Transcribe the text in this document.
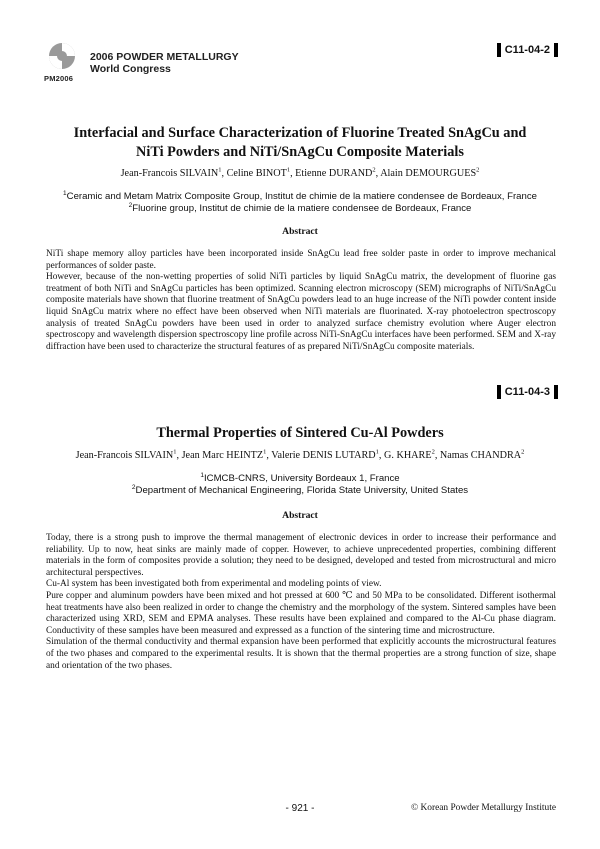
PM2006
2006 POWDER METALLURGY
World Congress
C11-04-2
Interfacial and Surface Characterization of Fluorine Treated SnAgCu and
NiTi Powders and NiTi/SnAgCu Composite Materials
Jean-Francois SILVAIN$^1$, Celine BINOT$^1$, Etienne DURAND$^2$, Alain DEMOURGUES$^2$
$^1$Ceramic and Metam Matrix Composite Group, Institut de chimie de la matiere condensee de Bordeaux, France
$^2$Fluorine group, Institut de chimie de la matiere condensee de Bordeaux, France
Abstract

NiTi shape memory alloy particles have been incorporated inside SnAgCu lead free solder paste in order to improve mechanical performances of solder paste.

However, because of the non-wetting properties of solid NiTi particles by liquid SnAgCu matrix, the development of fluorine gas treatment of both NiTi and SnAgCu particles has been optimized. Scanning electron microscopy (SEM) micrographs of NiTi/SnAgCu composite materials have shown that fluorine treatment of SnAgCu powders lead to an huge increase of the NiTi powder content inside liquid SnAgCu matrix where no effect have been observed when NiTi materials are fluorinated. X-ray photoelectron spectroscopy analysis of treated SnAgCu powders have been used in order to analyzed surface chemistry evolution where Auger electron spectroscopy and wavelength dispersion spectroscopy line profile across NiTi-SnAgCu interfaces have been performed. SEM and X-ray diffraction have been used to characterize the structural features of as prepared NiTi/SnAgCu composite materials.

C11-04-3
Thermal Properties of Sintered Cu-Al Powders
Jean-Francois SILVAIN$^1$, Jean Marc HEINTZ$^1$, Valerie DENIS LUTARD$^1$, G. KHARE$^2$, Namas CHANDRA$^2$
$^1$ICMCB-CNRS, University Bordeaux 1, France
$^2$Department of Mechanical Engineering, Florida State University, United States
Abstract

Today, there is a strong push to improve the thermal management of electronic devices in order to increase their performance and reliability. Up to now, heat sinks are mainly made of copper. However, to achieve unprecedented properties, combining different materials in the form of composites provide a solution; they need to be designed, developed and tested from microstructural and micro architectural perspectives.

Cu-Al system has been investigated both from experimental and modeling points of view.

Pure copper and aluminum powders have been mixed and hot pressed at 600 ℃ and 50 MPa to be consolidated. Different isothermal heat treatments have also been realized in order to change the chemistry and the morphology of the system. Sintered samples have been characterized using XRD, SEM and EPMA analyses. These results have been explained and compared to the Al-Cu phase diagram. Conductivity of these samples have been measured and expressed as a function of the sintering time and microstructure.

Simulation of the thermal conductivity and thermal expansion have been performed that explicitly accounts the microstructural features of the two phases and compared to the experimental results. It is shown that the thermal properties are a strong function of size, shape and orientation of the two phases.

- 921 -	© Korean Powder Metallurgy Institute
